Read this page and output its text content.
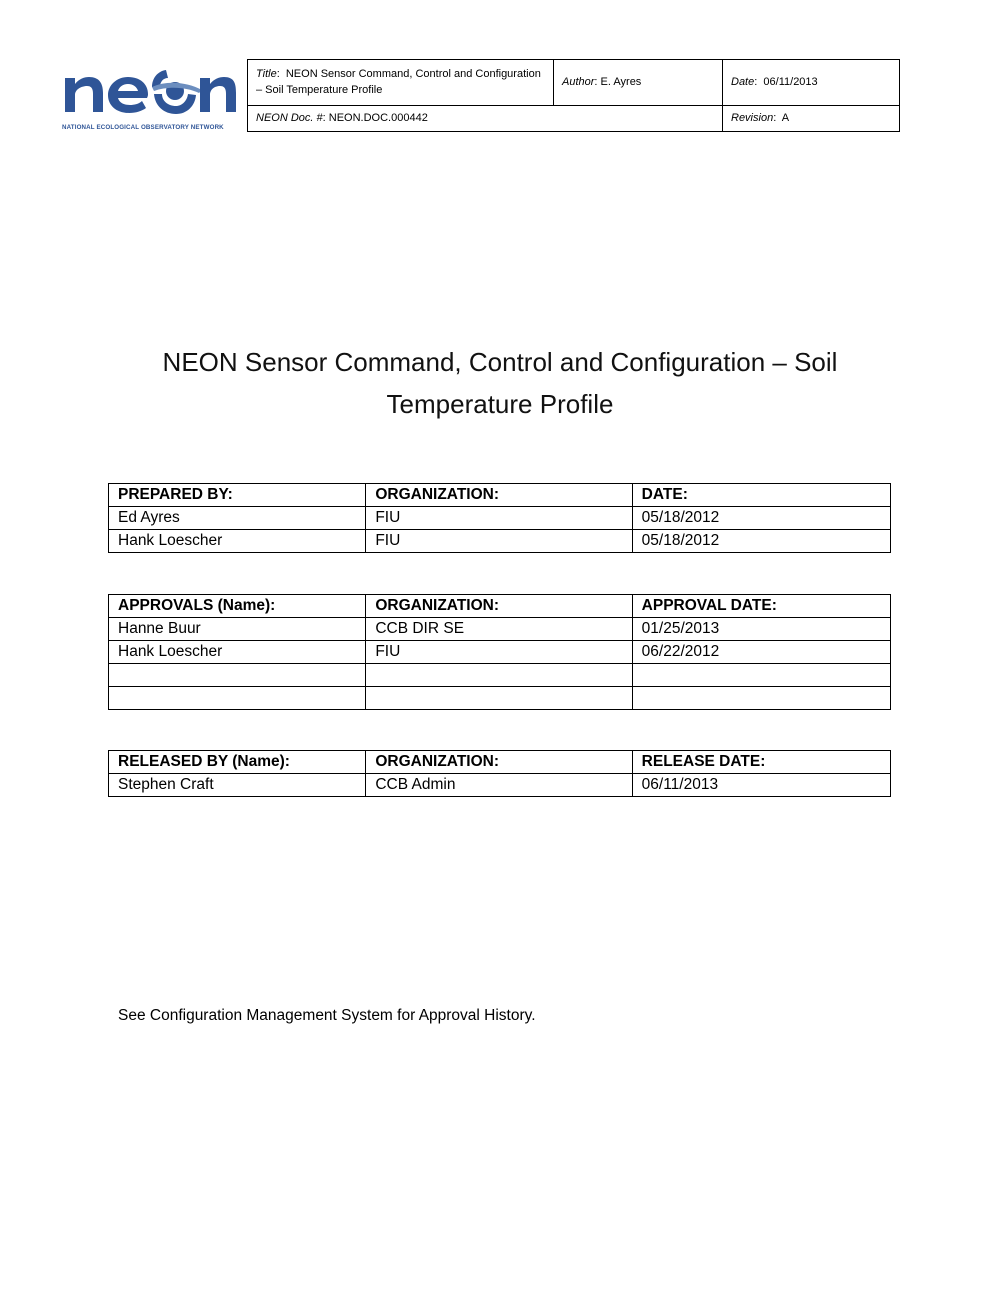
NATIONAL ECOLOGICAL OBSERVATORY NETWORK
Title:  NEON Sensor Command, Control and Configuration – Soil Temperature Profile	Author: E. Ayres	Date:  06/11/2013
NEON Doc. #: NEON.DOC.000442		Revision:  A
NEON Sensor Command, Control and Configuration – Soil Temperature Profile
PREPARED BY:	ORGANIZATION:	DATE:
Ed Ayres	FIU	05/18/2012
Hank Loescher	FIU	05/18/2012
APPROVALS (Name):	ORGANIZATION:	APPROVAL DATE:
Hanne Buur	CCB DIR SE	01/25/2013
Hank Loescher	FIU	06/22/2012

RELEASED BY (Name):	ORGANIZATION:	RELEASE DATE:
Stephen Craft	CCB Admin	06/11/2013
See Configuration Management System for Approval History.
